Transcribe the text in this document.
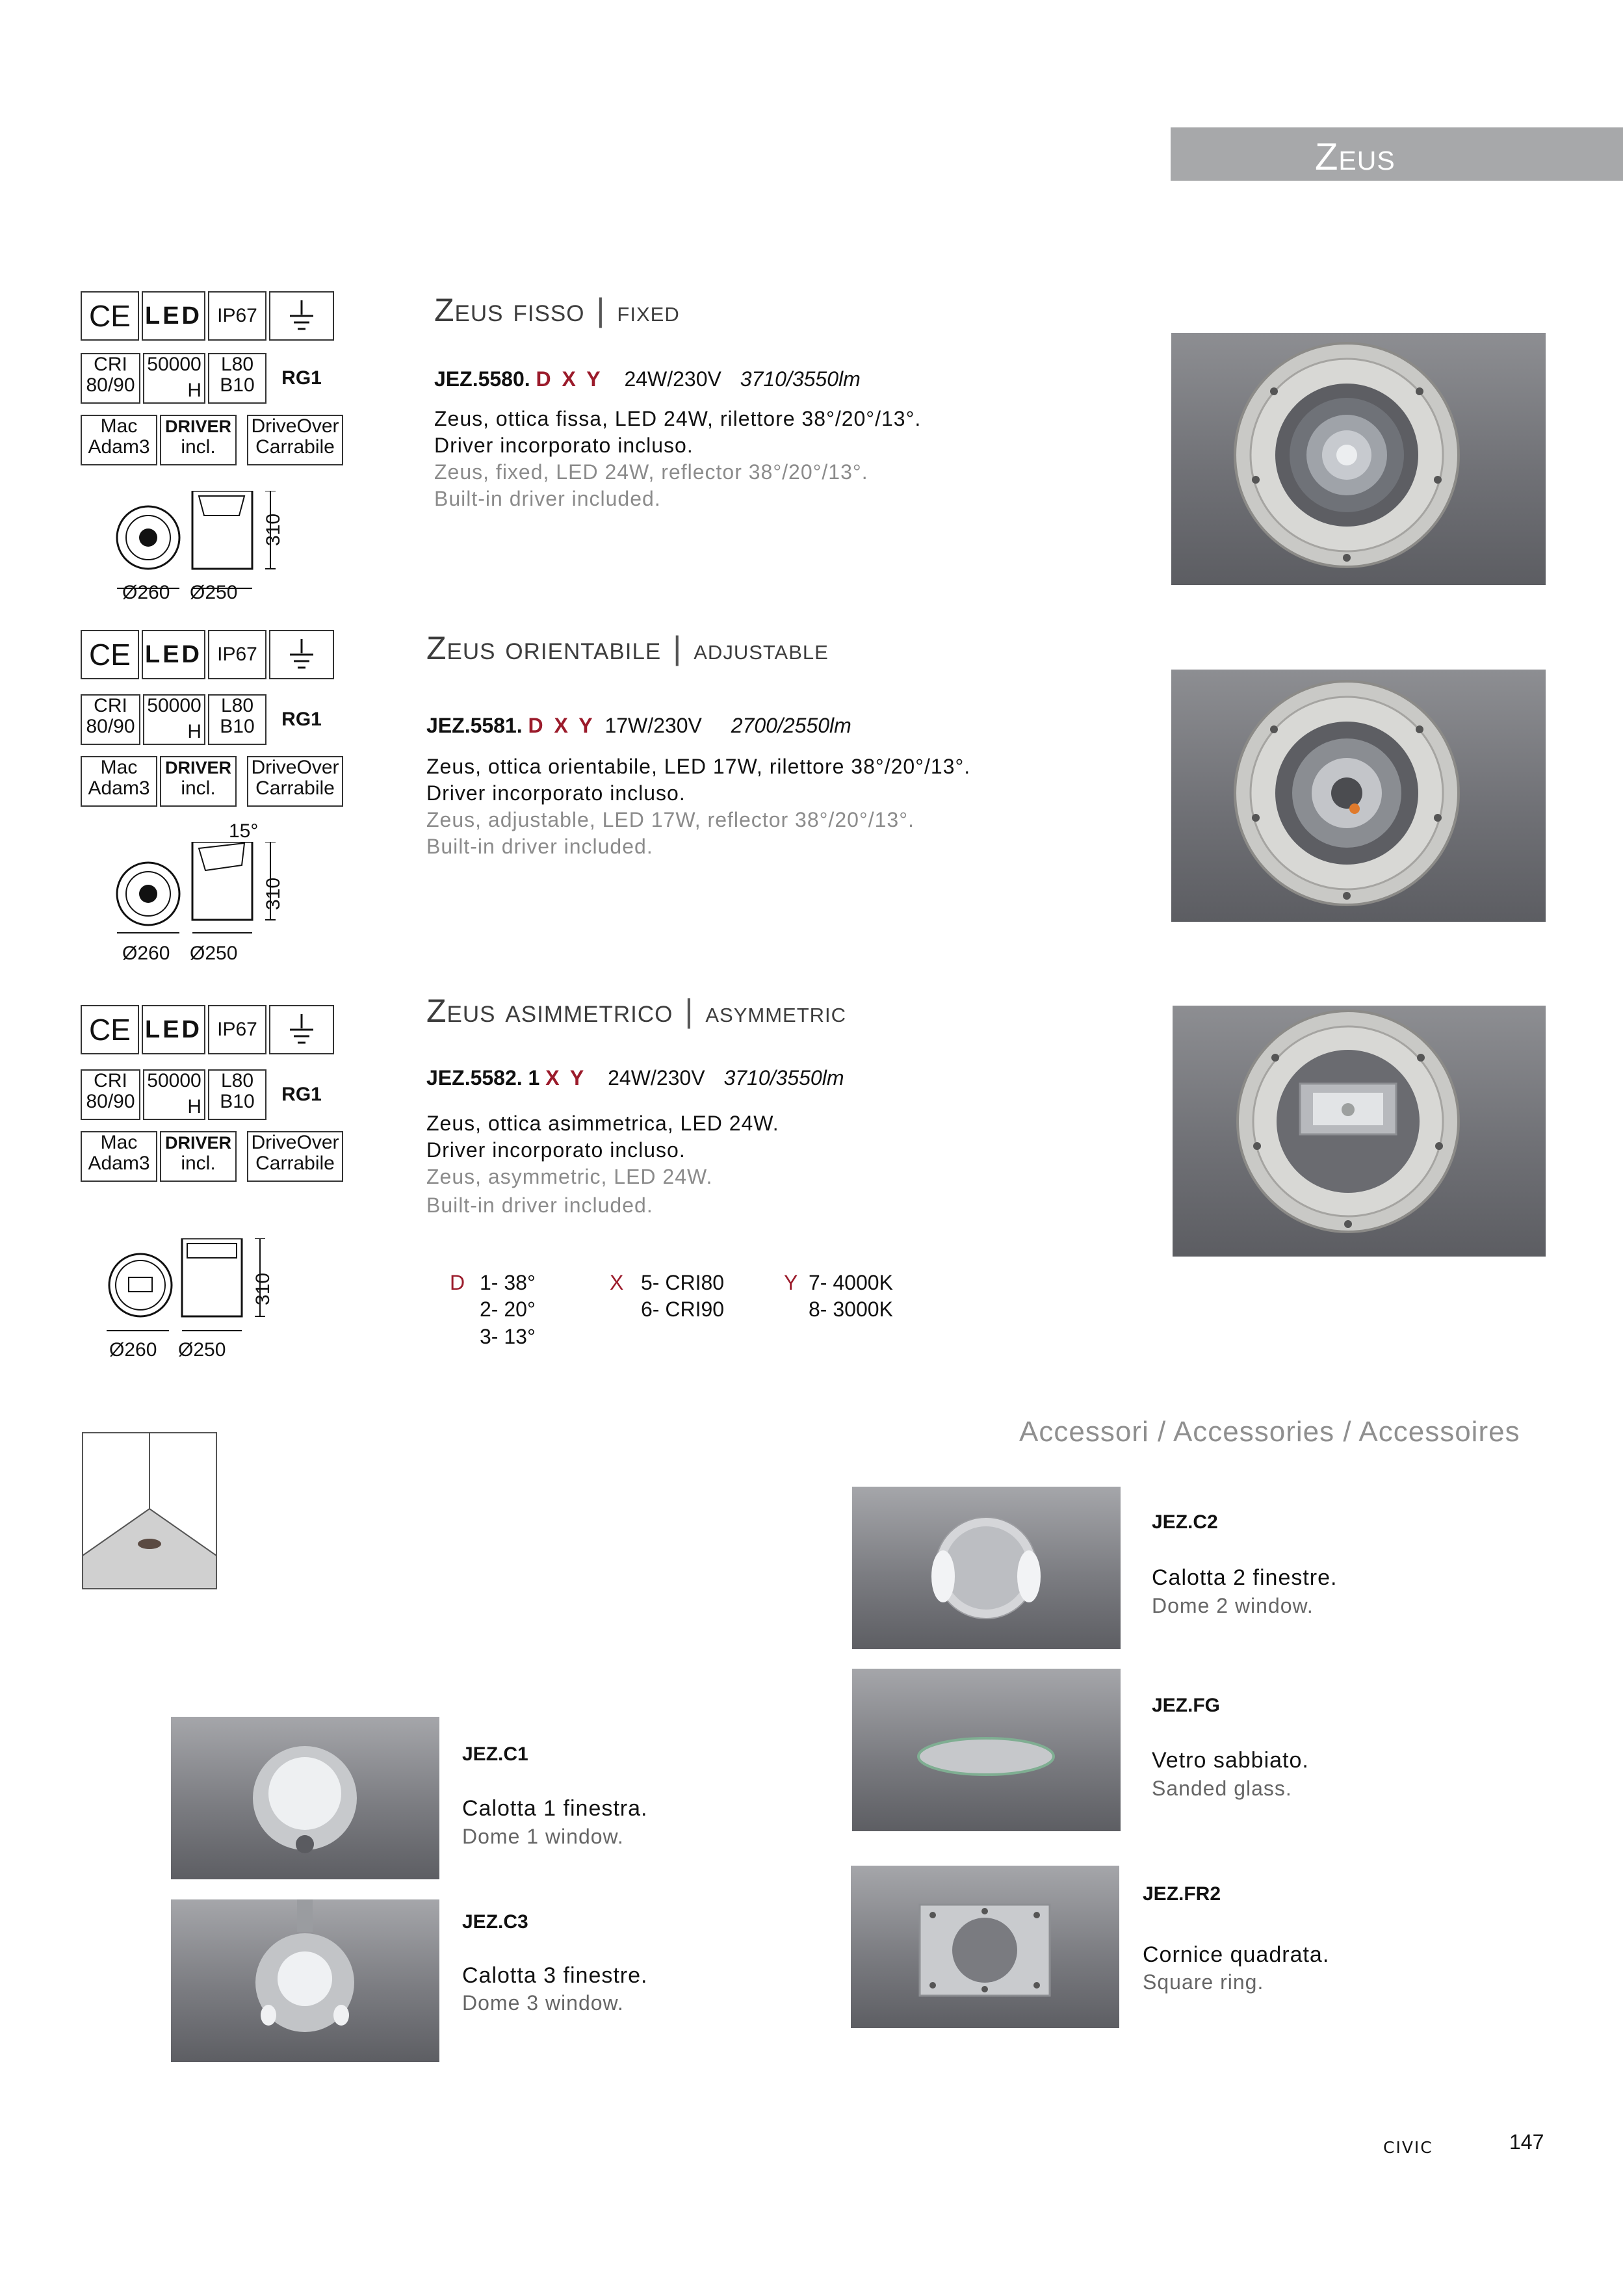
Zeus
CE LED IP67
CRI
80/90
50000
H
L80
B10	RG1
Mac
Adam3
DRIVER
incl.
DriveOver
Carrabile
310
Ø260 Ø250
Zeus fisso | fixed
JEZ.5580. D X Y 24W/230V 3710/3550lm
Zeus, ottica fissa, LED 24W, rilettore 38°/20°/13°.
Driver incorporato incluso.
Zeus, fixed, LED 24W, reflector 38°/20°/13°.
Built-in driver included.
CE LED IP67
CRI
80/90
50000
H
L80
B10	RG1
Mac
Adam3
DRIVER
incl.
DriveOver
Carrabile
15°
310
Ø260 Ø250
Zeus orientabile | adjustable
JEZ.5581. D X Y 17W/230V 2700/2550lm
Zeus, ottica orientabile, LED 17W, rilettore 38°/20°/13°.
Driver incorporato incluso.
Zeus, adjustable, LED 17W, reflector 38°/20°/13°.
Built-in driver included.
CE LED IP67
CRI
80/90
50000
H
L80
B10	RG1
Mac
Adam3
DRIVER
incl.
DriveOver
Carrabile
310
Ø260 Ø250
Zeus asimmetrico | asymmetric
JEZ.5582. 1 X Y 24W/230V 3710/3550lm
Zeus, ottica asimmetrica, LED 24W.
Driver incorporato incluso.
Zeus, asymmetric, LED 24W.
Built-in driver included.
D 1- 38°
2- 20°
3- 13°
X 5- CRI80
6- CRI90
Y 7- 4000K
8- 3000K
Accessori / Accessories / Accessoires
JEZ.C2
Calotta 2 finestre.
Dome 2 window.
JEZ.FG
Vetro sabbiato.
Sanded glass.
JEZ.FR2
Cornice quadrata.
Square ring.
JEZ.C1
Calotta 1 finestra.
Dome 1 window.
JEZ.C3
Calotta 3 finestre.
Dome 3 window.
civic	147
